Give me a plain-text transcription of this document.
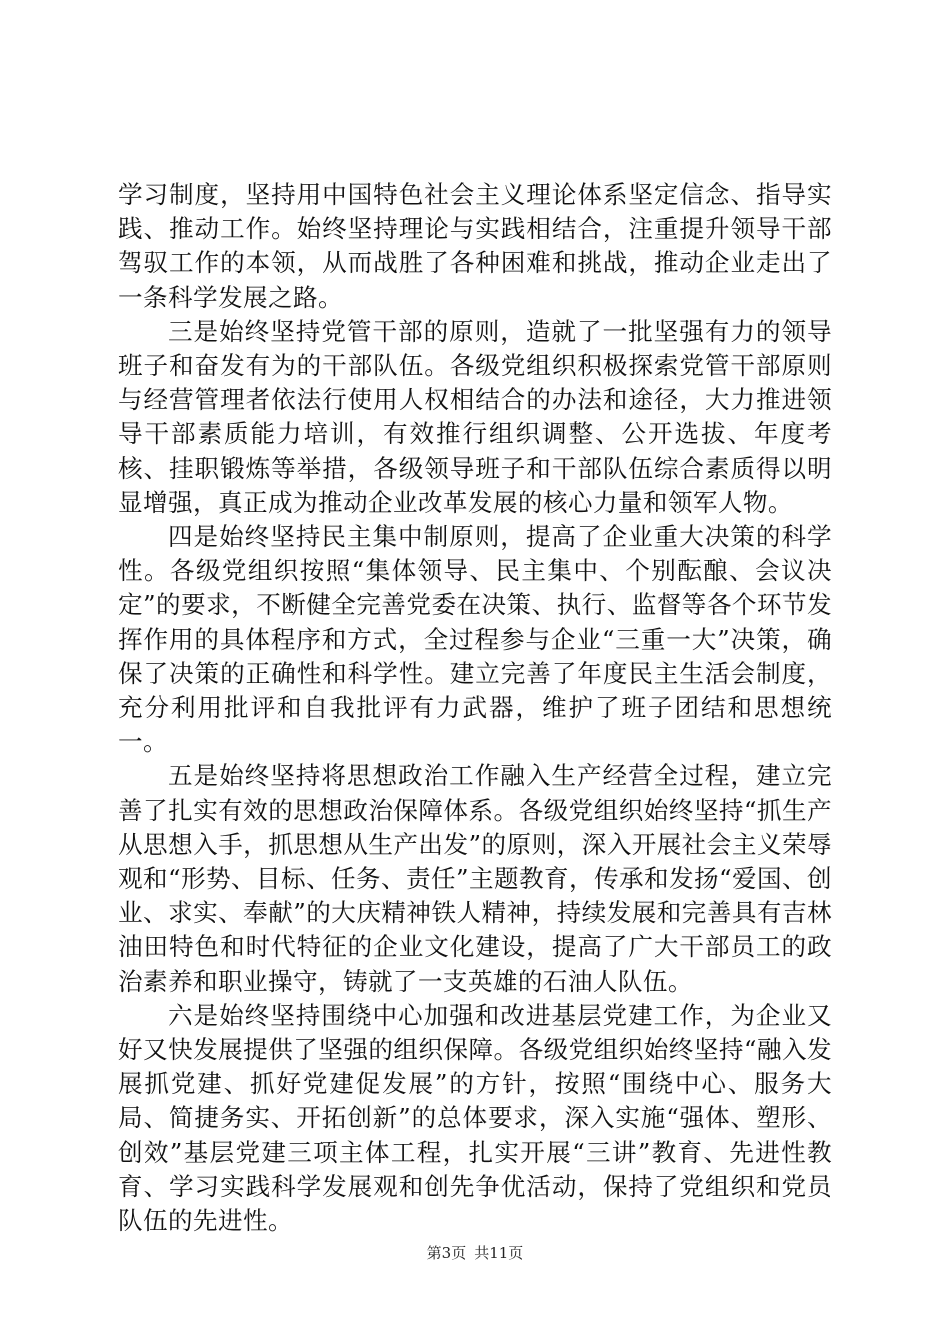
学习制度，坚持用中国特色社会主义理论体系坚定信念、指导实践、推动工作。始终坚持理论与实践相结合，注重提升领导干部驾驭工作的本领，从而战胜了各种困难和挑战，推动企业走出了一条科学发展之路。

三是始终坚持党管干部的原则，造就了一批坚强有力的领导班子和奋发有为的干部队伍。各级党组织积极探索党管干部原则与经营管理者依法行使用人权相结合的办法和途径，大力推进领导干部素质能力培训，有效推行组织调整、公开选拔、年度考核、挂职锻炼等举措，各级领导班子和干部队伍综合素质得以明显增强，真正成为推动企业改革发展的核心力量和领军人物。

四是始终坚持民主集中制原则，提高了企业重大决策的科学性。各级党组织按照“集体领导、民主集中、个别酝酿、会议决定”的要求，不断健全完善党委在决策、执行、监督等各个环节发挥作用的具体程序和方式，全过程参与企业“三重一大”决策，确保了决策的正确性和科学性。建立完善了年度民主生活会制度，充分利用批评和自我批评有力武器，维护了班子团结和思想统一。

五是始终坚持将思想政治工作融入生产经营全过程，建立完善了扎实有效的思想政治保障体系。各级党组织始终坚持“抓生产从思想入手，抓思想从生产出发”的原则，深入开展社会主义荣辱观和“形势、目标、任务、责任”主题教育，传承和发扬“爱国、创业、求实、奉献”的大庆精神铁人精神，持续发展和完善具有吉林油田特色和时代特征的企业文化建设，提高了广大干部员工的政治素养和职业操守，铸就了一支英雄的石油人队伍。

六是始终坚持围绕中心加强和改进基层党建工作，为企业又好又快发展提供了坚强的组织保障。各级党组织始终坚持“融入发展抓党建、抓好党建促发展”的方针，按照“围绕中心、服务大局、简捷务实、开拓创新”的总体要求，深入实施“强体、塑形、创效”基层党建三项主体工程，扎实开展“三讲”教育、先进性教育、学习实践科学发展观和创先争优活动，保持了党组织和党员队伍的先进性。

第3页 共11页
